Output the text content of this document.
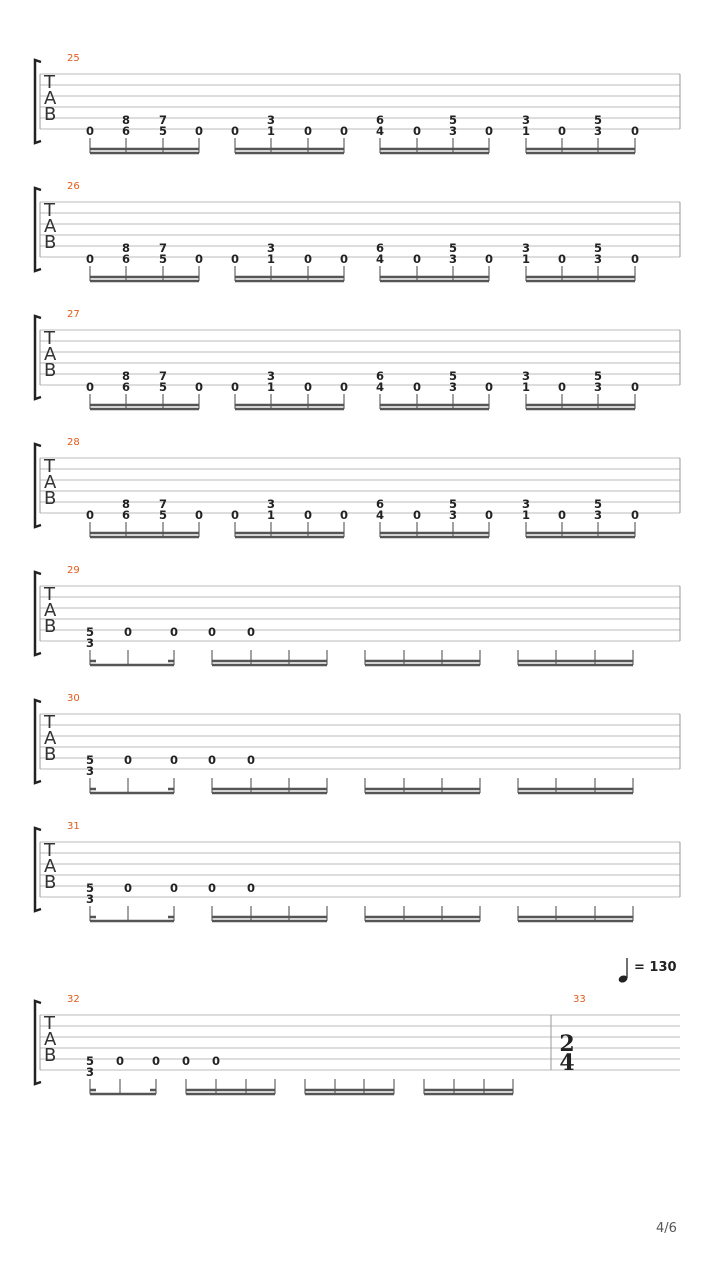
25
T
A
B
0
8
6
7
5 0 0
3
1	0 0
6
4	0
5
3 0
3
1 0
5
3	0
26
T
A
B
0
8
6
7
5 0 0
3
1	0 0
6
4	0
5
3 0
3
1 0
5
3	0
27
T
A
B
0
8
6
7
5 0 0
3
1	0 0
6
4	0
5
3 0
3
1 0
5
3	0
28
T
A
B
0
8
6
7
5 0 0
3
1	0 0
6
4	0
5
3 0
3
1 0
5
3	0
29
T
A
B	5
3
0	0	0	0
30
T
A
B	5
3
0	0	0	0
31
T
A
B	5
3
0	0	0	0
32
T
A
B	5
3
0 0 0 0
33
2
4
= 130
4/6
